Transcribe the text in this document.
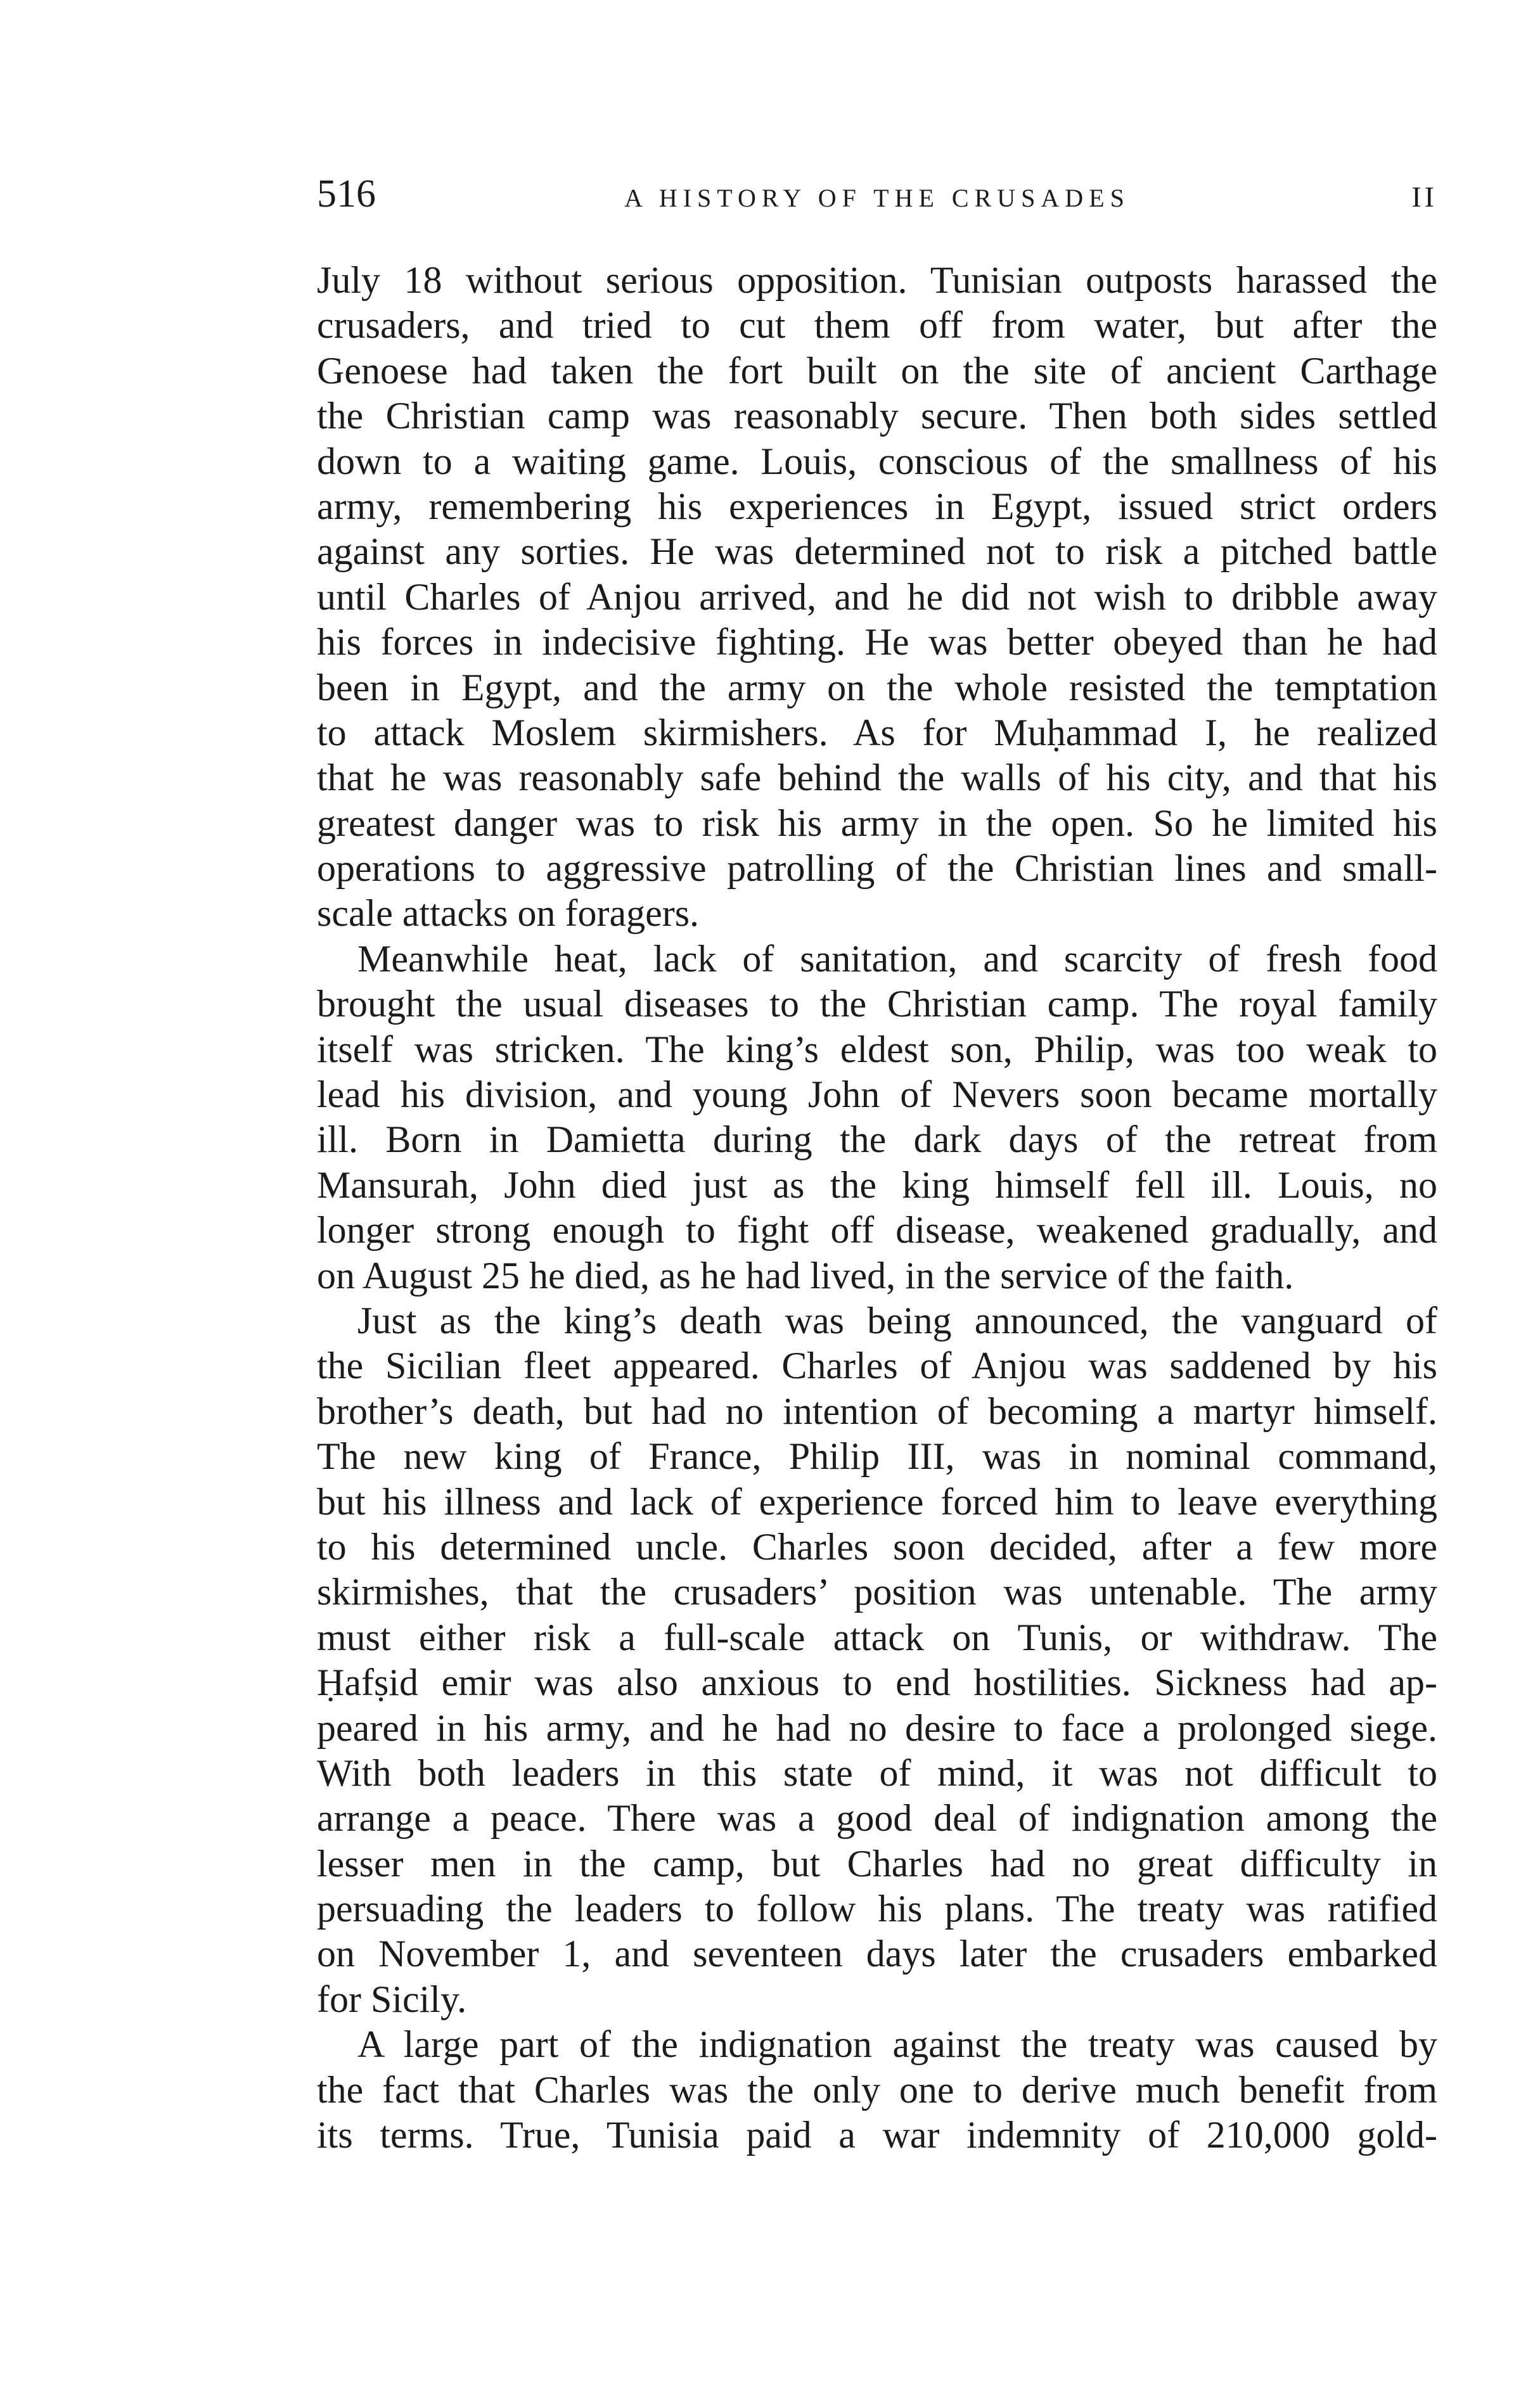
516	A HISTORY OF THE CRUSADES	II
July 18 without serious opposition. Tunisian outposts harassed the
crusaders, and tried to cut them off from water, but after the
Genoese had taken the fort built on the site of ancient Carthage
the Christian camp was reasonably secure. Then both sides settled
down to a waiting game. Louis, conscious of the smallness of his
army, remembering his experiences in Egypt, issued strict orders
against any sorties. He was determined not to risk a pitched battle
until Charles of Anjou arrived, and he did not wish to dribble away
his forces in indecisive fighting. He was better obeyed than he had
been in Egypt, and the army on the whole resisted the temptation
to attack Moslem skirmishers. As for Muḥammad I, he realized
that he was reasonably safe behind the walls of his city, and that his
greatest danger was to risk his army in the open. So he limited his
operations to aggressive patrolling of the Christian lines and small-
scale attacks on foragers.
Meanwhile heat, lack of sanitation, and scarcity of fresh food
brought the usual diseases to the Christian camp. The royal family
itself was stricken. The king’s eldest son, Philip, was too weak to
lead his division, and young John of Nevers soon became mortally
ill. Born in Damietta during the dark days of the retreat from
Mansurah, John died just as the king himself fell ill. Louis, no
longer strong enough to fight off disease, weakened gradually, and
on August 25 he died, as he had lived, in the service of the faith.
Just as the king’s death was being announced, the vanguard of
the Sicilian fleet appeared. Charles of Anjou was saddened by his
brother’s death, but had no intention of becoming a martyr himself.
The new king of France, Philip III, was in nominal command,
but his illness and lack of experience forced him to leave everything
to his determined uncle. Charles soon decided, after a few more
skirmishes, that the crusaders’ position was untenable. The army
must either risk a full-scale attack on Tunis, or withdraw. The
Ḥafṣid emir was also anxious to end hostilities. Sickness had ap-
peared in his army, and he had no desire to face a prolonged siege.
With both leaders in this state of mind, it was not difficult to
arrange a peace. There was a good deal of indignation among the
lesser men in the camp, but Charles had no great difficulty in
persuading the leaders to follow his plans. The treaty was ratified
on November 1, and seventeen days later the crusaders embarked
for Sicily.
A large part of the indignation against the treaty was caused by
the fact that Charles was the only one to derive much benefit from
its terms. True, Tunisia paid a war indemnity of 210,000 gold-
